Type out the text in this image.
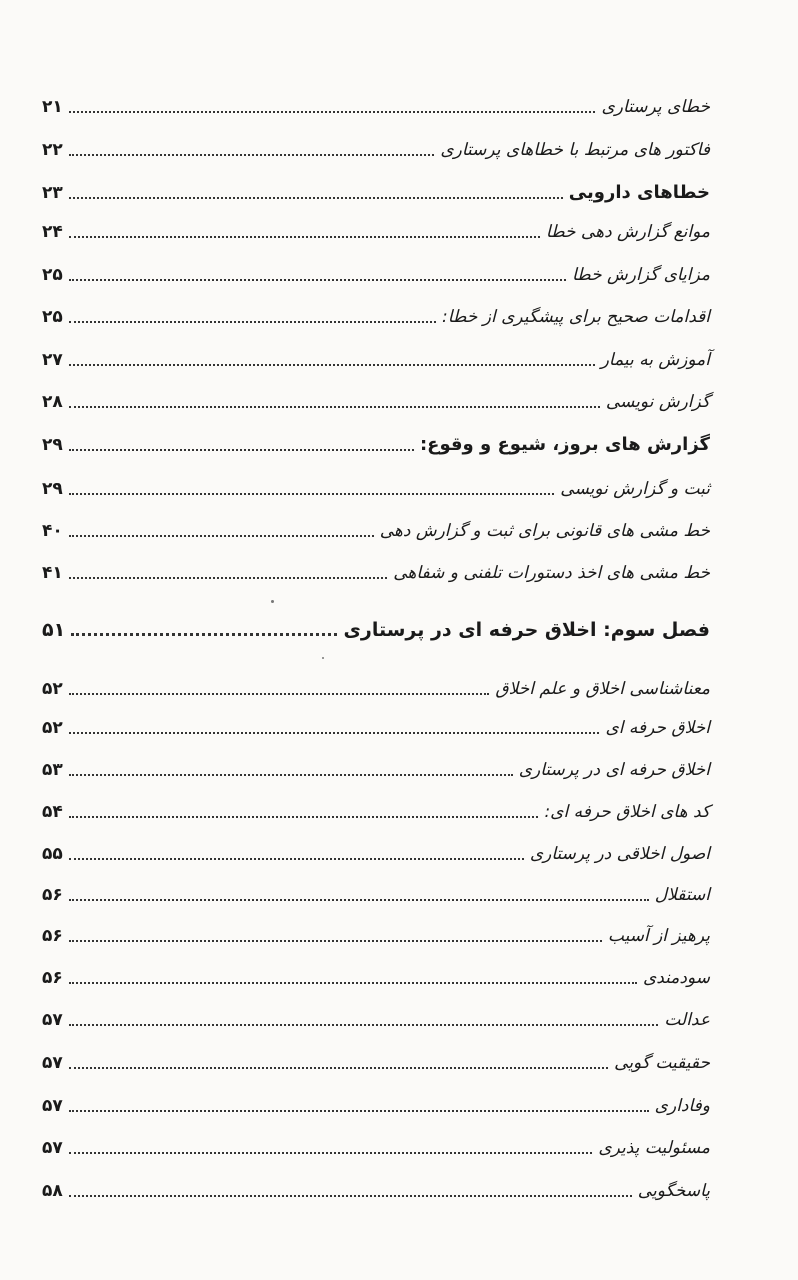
خطای پرستاری
۲۱
فاکتور های مرتبط با خطاهای پرستاری
۲۲
خطاهای دارویی
۲۳
موانع گزارش دهی خطا
۲۴
مزایای گزارش خطا
۲۵
اقدامات صحیح برای پیشگیری از خطا:
۲۵
آموزش به بیمار
۲۷
گزارش نویسی
۲۸
گزارش های بروز، شیوع و وقوع:
۲۹
ثبت و گزارش نویسی
۲۹
خط مشی های قانونی برای ثبت و گزارش دهی
۴۰
خط مشی های اخذ دستورات تلفنی و شفاهی
۴۱
فصل سوم: اخلاق حرفه ای در پرستاری
۵۱
معناشناسی اخلاق و علم اخلاق
۵۲
اخلاق حرفه ای
۵۲
اخلاق حرفه ای در پرستاری
۵۳
کد های اخلاق حرفه ای:
۵۴
اصول اخلاقی در پرستاری
۵۵
استقلال
۵۶
پرهیز از آسیب
۵۶
سودمندی
۵۶
عدالت
۵۷
حقیقیت گویی
۵۷
وفاداری
۵۷
مسئولیت پذیری
۵۷
پاسخگویی
۵۸
